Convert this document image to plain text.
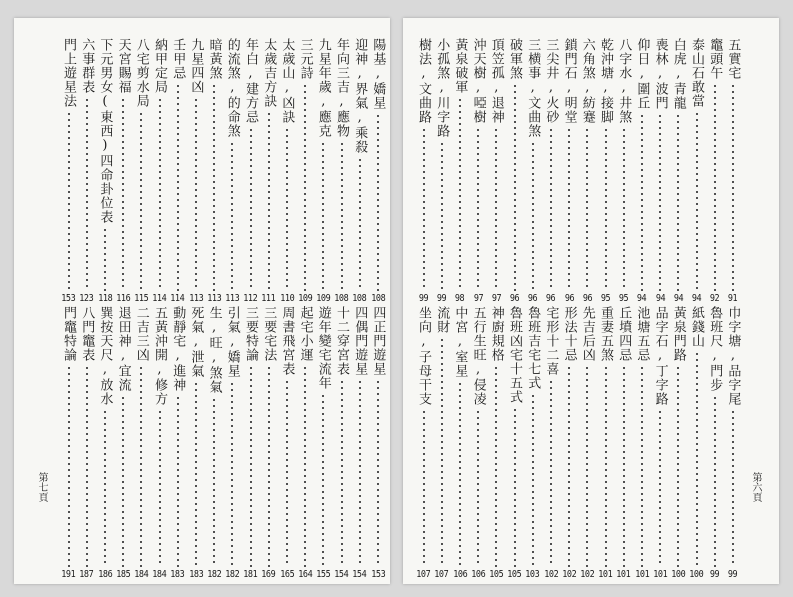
門上遊星法
153
六事群表
123
下元男女(東西)四命卦位表
118
天宮賜福
116
八宅剪水局
115
納甲定局
114
壬甲忌
114
九星四凶
113
暗黃煞
113
的流煞,的命煞
113
年白,建方忌
112
太歲吉方訣
111
太歲山,凶訣
110
三元詩
109
九星年歲,應克
109
年向三吉,應物
108
迎神,界氣,乘殺
108
陽基,嬌星
108
門竈特論
191
八門竈表
187
巽按天尺,放水
186
退田神,宜流
185
二吉三凶
184
五黃沖開,修方
184
動靜宅,進神
183
死氣,泄氣
183
生,旺,煞氣
182
引氣,嬌星
182
三要特論
181
三要宅法
169
周書飛宮表
165
起宅小運
164
遊年變宅流年
155
十二穿宮表
154
四偶門遊星
154
四正門遊星
153
第七頁
樹法,文曲路
99
小孤煞,川字路
99
黃泉破軍
98
沖天樹,啞樹
97
頂笠孤,退神
97
破軍煞
96
三横事,文曲煞
96
三尖井,火砂
96
鎖門石,明堂
96
六角煞,紡蹇
96
乾沖塘,接脚
95
八字水,井煞
95
仰日,圍丘
94
喪林,波門
94
白虎,青龍
94
泰山石敢當
94
竈頭午
92
五實宅
91
坐向,子母干支
107
流財
107
中宮,室星
106
五行生旺,侵凌
106
神廚規格
105
魯班凶宅十五式
105
魯班吉宅七式
103
宅形十二喜
102
形法十忌
102
先吉后凶
102
重妻五煞
101
丘墳四忌
101
池塘五忌
101
品字石,丁字路
101
黃泉門路
100
紙錢山
100
魯班尺,門步
99
巾字塘,品字尾
99
第六頁
